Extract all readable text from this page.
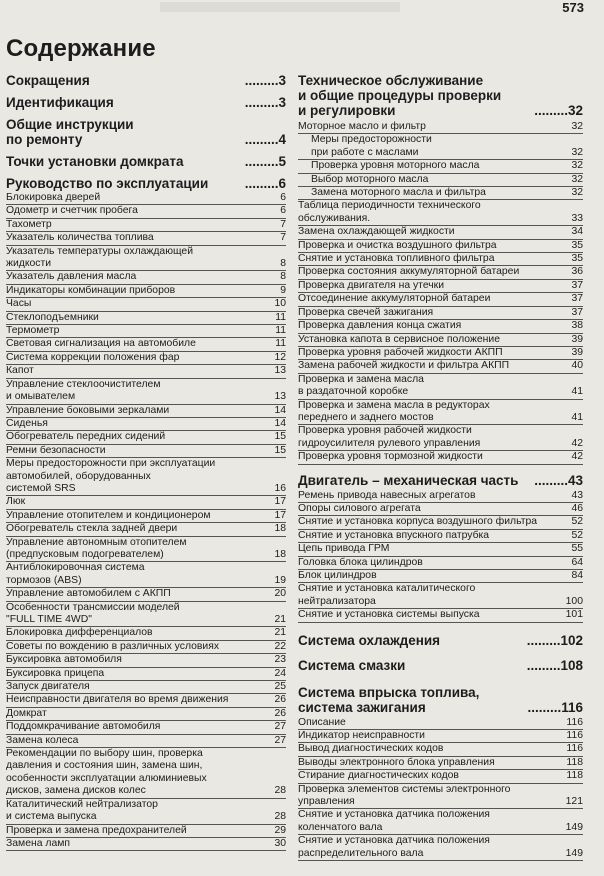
573
Содержание
Сокращения	......... 3
Идентификация	......... 3
Общие инструкции
по ремонту	......... 4
Точки установки домкрата	......... 5
Руководство по эксплуатации	......... 6
Блокировка дверей	6
Одометр и счетчик пробега	6
Тахометр	7
Указатель количества топлива	7
Указатель температуры охлаждающей
жидкости	8
Указатель давления масла	8
Индикаторы комбинации приборов	9
Часы	10
Стеклоподъемники	11
Термометр	11
Световая сигнализация на автомобиле	11
Система коррекции положения фар	12
Капот	13
Управление стеклоочистителем
и омывателем	13
Управление боковыми зеркалами	14
Сиденья	14
Обогреватель передних сидений	15
Ремни безопасности	15
Меры предосторожности при эксплуатации
автомобилей, оборудованных
системой SRS	16
Люк	17
Управление отопителем и кондиционером	17
Обогреватель стекла задней двери	18
Управление автономным отопителем
(предпусковым подогревателем)	18
Антиблокировочная система
тормозов (ABS)	19
Управление автомобилем с АКПП	20
Особенности трансмиссии моделей
"FULL TIME 4WD"	21
Блокировка дифференциалов	21
Советы по вождению в различных условиях	22
Буксировка автомобиля	23
Буксировка прицепа	24
Запуск двигателя	25
Неисправности двигателя во время движения	26
Домкрат	26
Поддомкрачивание автомобиля	27
Замена колеса	27
Рекомендации по выбору шин, проверка
давления и состояния шин, замена шин,
особенности эксплуатации алюминиевых
дисков, замена дисков колес	28
Каталитический нейтрализатор
и система выпуска	28
Проверка и замена предохранителей	29
Замена ламп	30
Техническое обслуживание
и общие процедуры проверки
и регулировки	......... 32
Моторное масло и фильтр	32
Меры предосторожности
при работе с маслами	32
Проверка уровня моторного масла	32
Выбор моторного масла	32
Замена моторного масла и фильтра	32
Таблица периодичности технического
обслуживания.	33
Замена охлаждающей жидкости	34
Проверка и очистка воздушного фильтра	35
Снятие и установка топливного фильтра	35
Проверка состояния аккумуляторной батареи	36
Проверка двигателя на утечки	37
Отсоединение аккумуляторной батареи	37
Проверка свечей зажигания	37
Проверка давления конца сжатия	38
Установка капота в сервисное положение	39
Проверка уровня рабочей жидкости АКПП	39
Замена рабочей жидкости и фильтра АКПП	40
Проверка и замена масла
в раздаточной коробке	41
Проверка и замена масла в редукторах
переднего и заднего мостов	41
Проверка уровня рабочей жидкости
гидроусилителя рулевого управления	42
Проверка уровня тормозной жидкости	42
Двигатель – механическая часть	......... 43
Ремень привода навесных агрегатов	43
Опоры силового агрегата	46
Снятие и установка корпуса воздушного фильтра	52
Снятие и установка впускного патрубка	52
Цепь привода ГРМ	55
Головка блока цилиндров	64
Блок цилиндров	84
Снятие и установка каталитического
нейтрализатора	100
Снятие и установка системы выпуска	101
Система охлаждения	......... 102
Система смазки	......... 108
Система впрыска топлива,
система зажигания	......... 116
Описание	116
Индикатор неисправности	116
Вывод диагностических кодов	116
Выводы электронного блока управления	118
Стирание диагностических кодов	118
Проверка элементов системы электронного
управления	121
Снятие и установка датчика положения
коленчатого вала	149
Снятие и установка датчика положения
распределительного вала	149
